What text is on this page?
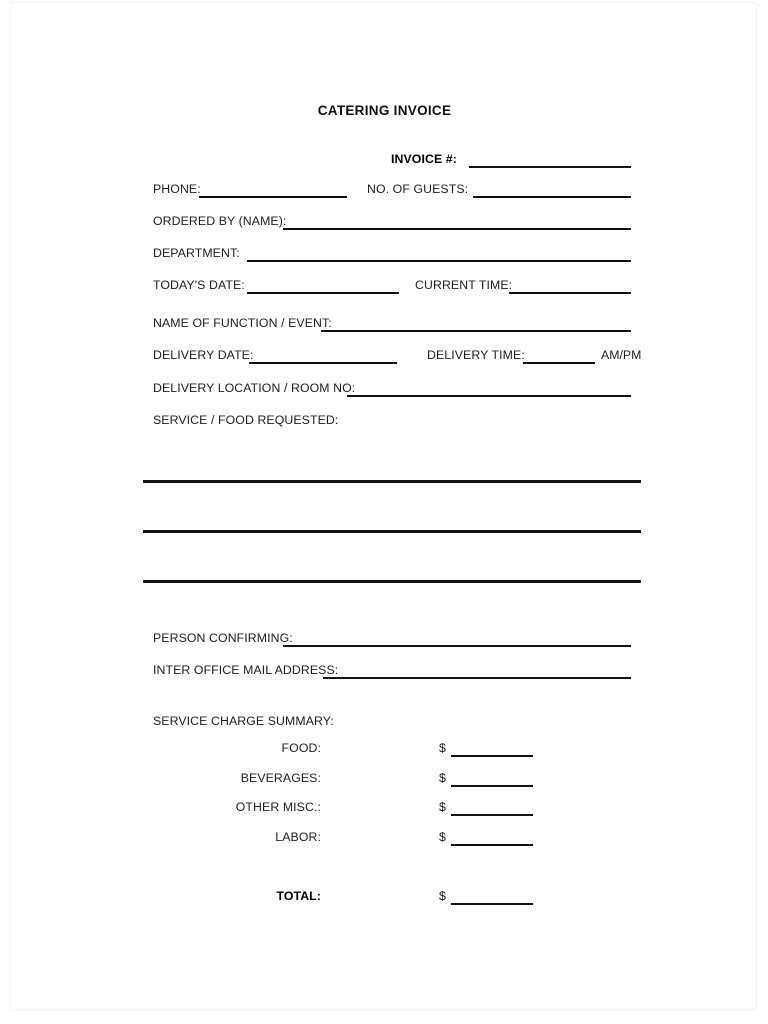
CATERING INVOICE
INVOICE #:
PHONE:	NO. OF GUESTS:
ORDERED BY (NAME):
DEPARTMENT:
TODAY'S DATE:	CURRENT TIME:
NAME OF FUNCTION / EVENT:
DELIVERY DATE:	DELIVERY TIME:	AM/PM
DELIVERY LOCATION / ROOM NO:
SERVICE / FOOD REQUESTED:
PERSON CONFIRMING:
INTER OFFICE MAIL ADDRESS:
SERVICE CHARGE SUMMARY:
FOOD:	$
BEVERAGES:	$
OTHER MISC.:	$
LABOR:	$
TOTAL:	$
